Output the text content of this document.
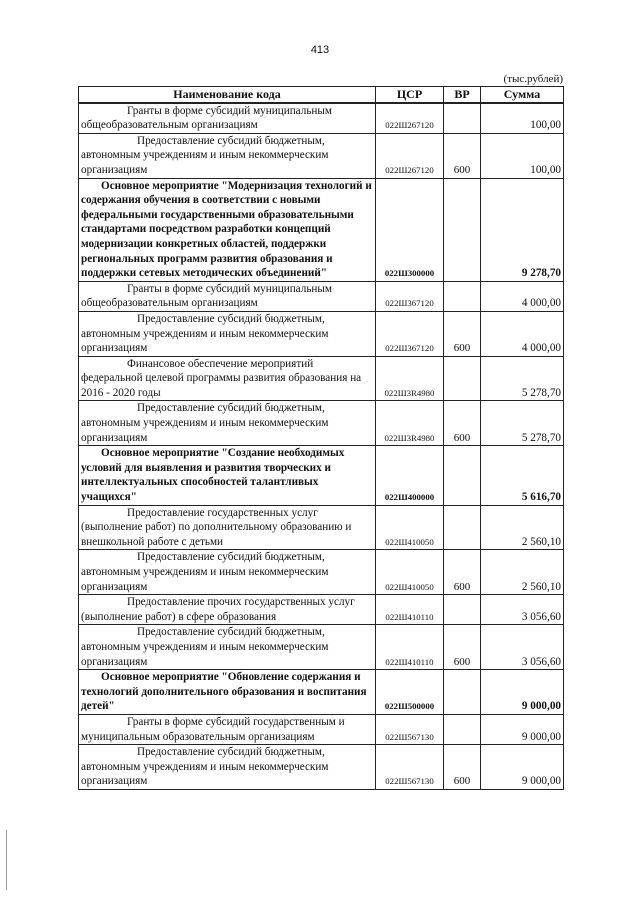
413
(тыс.рублей)
Наименование кода	ЦСР	ВР	Сумма
Гранты в форме субсидий муниципальным общеобразовательным организациям	022Ш267120		100,00
Предоставление субсидий бюджетным, автономным учреждениям и иным некоммерческим организациям	022Ш267120	600	100,00
Основное мероприятие "Модернизация технологий и содержания обучения в соответствии с новыми федеральными государственными образовательными стандартами посредством разработки концепций модернизации конкретных областей, поддержки региональных программ развития образования и поддержки сетевых методических объединений"	022Ш300000		9 278,70
Гранты в форме субсидий муниципальным общеобразовательным организациям	022Ш367120		4 000,00
Предоставление субсидий бюджетным, автономным учреждениям и иным некоммерческим организациям	022Ш367120	600	4 000,00
Финансовое обеспечение мероприятий федеральной целевой программы развития образования на 2016 - 2020 годы	022Ш3R4980		5 278,70
Предоставление субсидий бюджетным, автономным учреждениям и иным некоммерческим организациям	022Ш3R4980	600	5 278,70
Основное мероприятие "Создание необходимых условий для выявления и развития творческих и интеллектуальных способностей талантливых учащихся"	022Ш400000		5 616,70
Предоставление государственных услуг (выполнение работ) по дополнительному образованию и внешкольной работе с детьми	022Ш410050		2 560,10
Предоставление субсидий бюджетным, автономным учреждениям и иным некоммерческим организациям	022Ш410050	600	2 560,10
Предоставление прочих государственных услуг (выполнение работ) в сфере образования	022Ш410110		3 056,60
Предоставление субсидий бюджетным, автономным учреждениям и иным некоммерческим организациям	022Ш410110	600	3 056,60
Основное мероприятие "Обновление содержания и технологий дополнительного образования и воспитания детей"	022Ш500000		9 000,00
Гранты в форме субсидий государственным и муниципальным образовательным организациям	022Ш567130		9 000,00
Предоставление субсидий бюджетным, автономным учреждениям и иным некоммерческим организациям	022Ш567130	600	9 000,00
